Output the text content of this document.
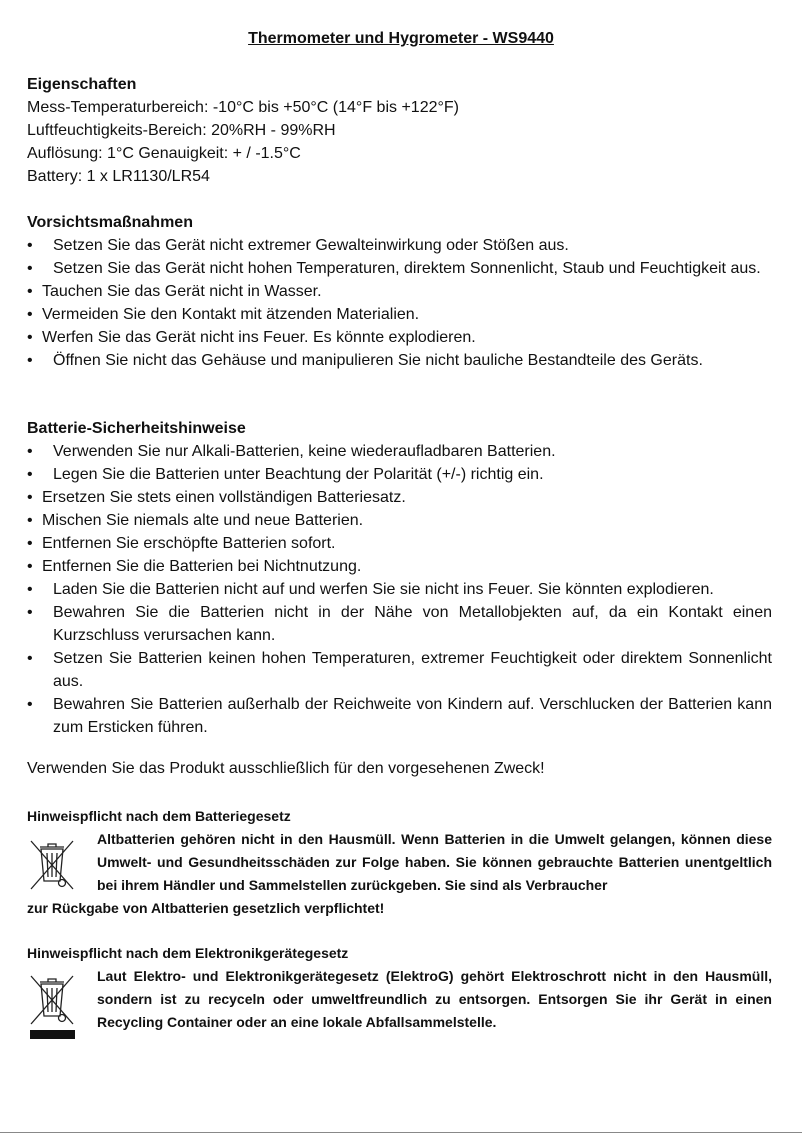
Thermometer und Hygrometer - WS9440
Eigenschaften
Mess-Temperaturbereich: -10°C bis +50°C (14°F bis +122°F)
Luftfeuchtigkeits-Bereich: 20%RH - 99%RH
Auflösung: 1°C Genauigkeit: + / -1.5°C
Battery: 1 x LR1130/LR54
Vorsichtsmaßnahmen
• Setzen Sie das Gerät nicht extremer Gewalteinwirkung oder Stößen aus.
• Setzen Sie das Gerät nicht hohen Temperaturen, direktem Sonnenlicht, Staub und Feuchtigkeit aus.
• Tauchen Sie das Gerät nicht in Wasser.
• Vermeiden Sie den Kontakt mit ätzenden Materialien.
• Werfen Sie das Gerät nicht ins Feuer. Es könnte explodieren.
• Öffnen Sie nicht das Gehäuse und manipulieren Sie nicht bauliche Bestandteile des Geräts.
Batterie-Sicherheitshinweise
• Verwenden Sie nur Alkali-Batterien, keine wiederaufladbaren Batterien.
• Legen Sie die Batterien unter Beachtung der Polarität (+/-) richtig ein.
• Ersetzen Sie stets einen vollständigen Batteriesatz.
• Mischen Sie niemals alte und neue Batterien.
• Entfernen Sie erschöpfte Batterien sofort.
• Entfernen Sie die Batterien bei Nichtnutzung.
• Laden Sie die Batterien nicht auf und werfen Sie sie nicht ins Feuer. Sie könnten explodieren.
• Bewahren Sie die Batterien nicht in der Nähe von Metallobjekten auf, da ein Kontakt einen Kurzschluss verursachen kann.
• Setzen Sie Batterien keinen hohen Temperaturen, extremer Feuchtigkeit oder direktem Sonnenlicht aus.
• Bewahren Sie Batterien außerhalb der Reichweite von Kindern auf. Verschlucken der Batterien kann zum Ersticken führen.
Verwenden Sie das Produkt ausschließlich für den vorgesehenen Zweck!
Hinweispflicht nach dem Batteriegesetz
Altbatterien gehören nicht in den Hausmüll. Wenn Batterien in die Umwelt gelangen, können diese Umwelt- und Gesundheitsschäden zur Folge haben. Sie können gebrauchte Batterien unentgeltlich bei ihrem Händler und Sammelstellen zurückgeben. Sie sind als Verbraucher
zur Rückgabe von Altbatterien gesetzlich verpflichtet!
Hinweispflicht nach dem Elektronikgerätegesetz
Laut Elektro- und Elektronikgerätegesetz (ElektroG) gehört Elektroschrott nicht in den Hausmüll, sondern ist zu recyceln oder umweltfreundlich zu entsorgen. Entsorgen Sie ihr Gerät in einen Recycling Container oder an eine lokale Abfallsammelstelle.
